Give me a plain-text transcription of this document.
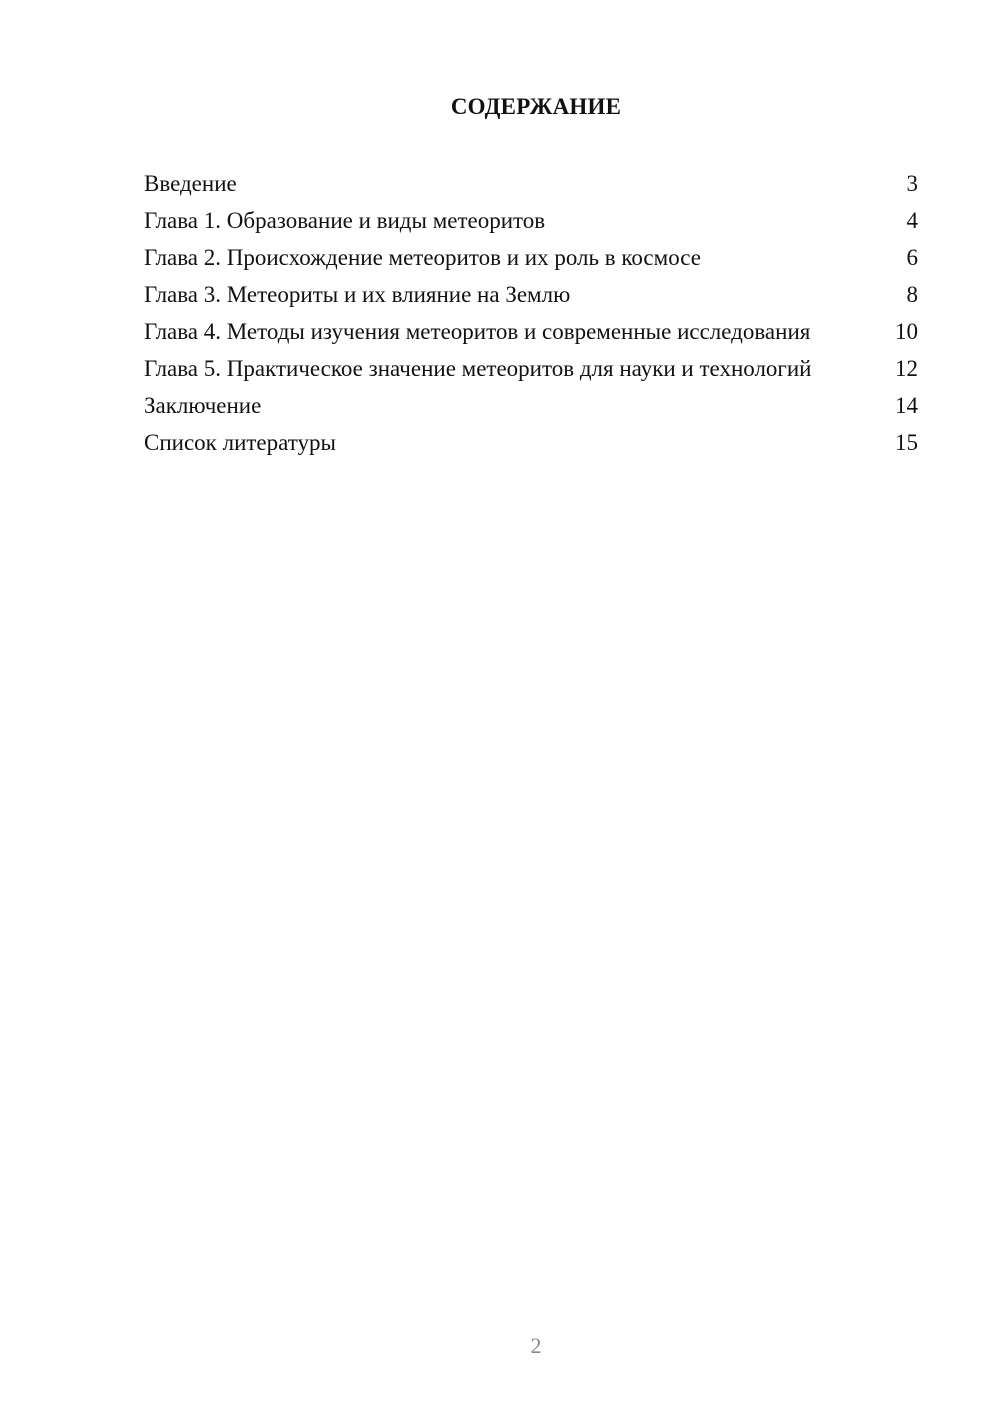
СОДЕРЖАНИЕ
Введение	3
Глава 1. Образование и виды метеоритов	4
Глава 2. Происхождение метеоритов и их роль в космосе	6
Глава 3. Метеориты и их влияние на Землю	8
Глава 4. Методы изучения метеоритов и современные исследования	10
Глава 5. Практическое значение метеоритов для науки и технологий	12
Заключение	14
Список литературы	15
2
